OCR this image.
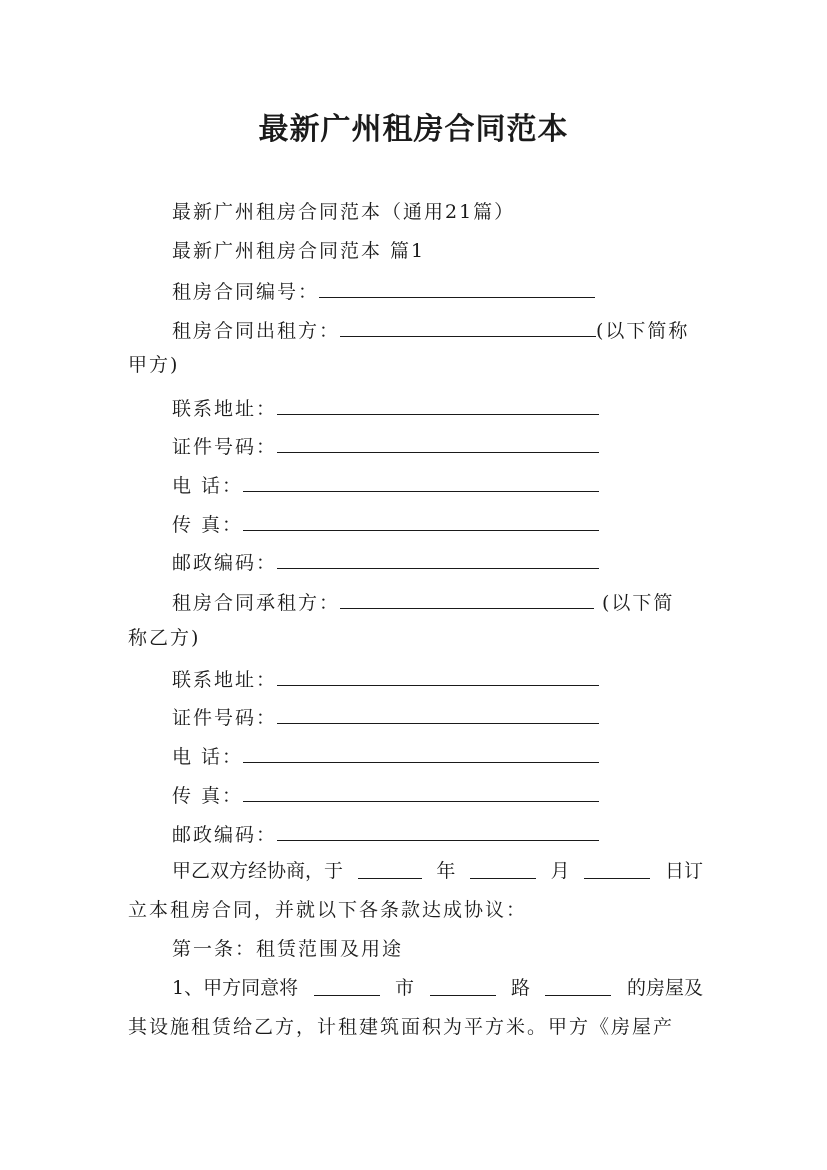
最新广州租房合同范本
最新广州租房合同范本（通用21篇）
最新广州租房合同范本 篇1
租房合同编号：
租房合同出租方：	(以下简称
甲方)
联系地址：
证件号码：
电 话：
传 真：
邮政编码：
租房合同承租方：	(以下简
称乙方)
联系地址：
证件号码：
电 话：
传 真：
邮政编码：
甲乙双方经协商，于	年	月	日订
立本租房合同，并就以下各条款达成协议：
第一条：租赁范围及用途
1、甲方同意将	市	路	的房屋及
其设施租赁给乙方，计租建筑面积为平方米。甲方《房屋产
